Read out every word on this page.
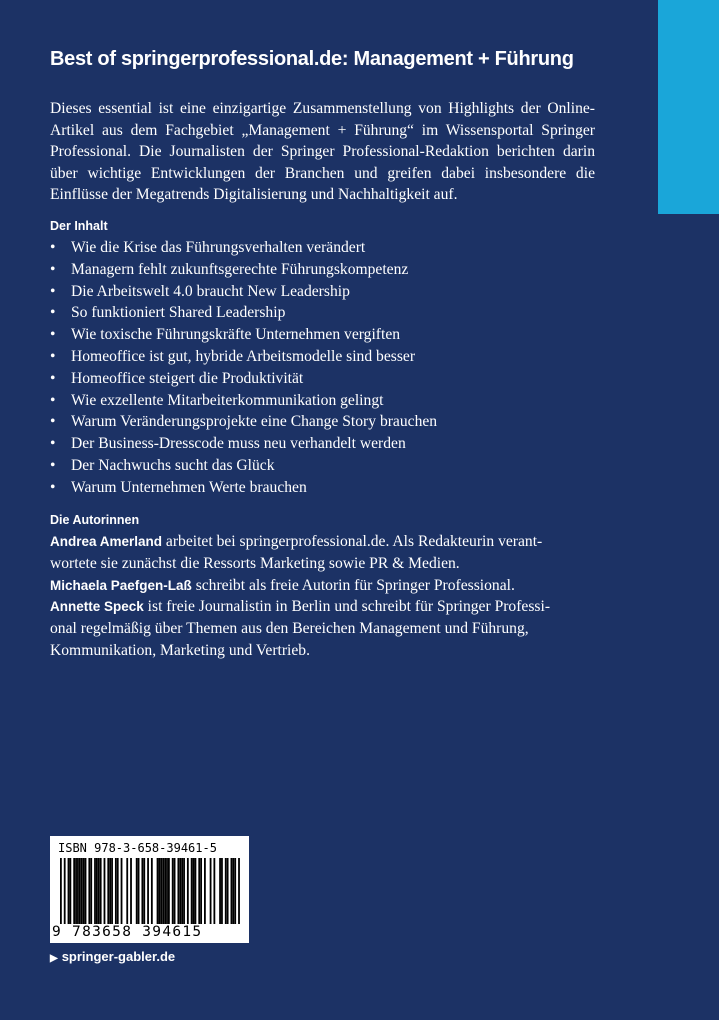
Best of springerprofessional.de: Management + Führung
Dieses essential ist eine einzigartige Zusammenstellung von Highlights der Online-Artikel aus dem Fachgebiet „Management + Führung“ im Wissensportal Springer Professional. Die Journalisten der Springer Professional-Redaktion berichten darin über wichtige Entwicklungen der Branchen und greifen dabei insbesondere die Einflüsse der Megatrends Digitalisierung und Nachhaltigkeit auf.
Der Inhalt
• Wie die Krise das Führungsverhalten verändert
• Managern fehlt zukunftsgerechte Führungskompetenz
• Die Arbeitswelt 4.0 braucht New Leadership
• So funktioniert Shared Leadership
• Wie toxische Führungskräfte Unternehmen vergiften
• Homeoffice ist gut, hybride Arbeitsmodelle sind besser
• Homeoffice steigert die Produktivität
• Wie exzellente Mitarbeiterkommunikation gelingt
• Warum Veränderungsprojekte eine Change Story brauchen
• Der Business-Dresscode muss neu verhandelt werden
• Der Nachwuchs sucht das Glück
• Warum Unternehmen Werte brauchen
Die Autorinnen
Andrea Amerland arbeitet bei springerprofessional.de. Als Redakteurin verant-
wortete sie zunächst die Ressorts Marketing sowie PR & Medien.
Michaela Paefgen-Laß schreibt als freie Autorin für Springer Professional.
Annette Speck ist freie Journalistin in Berlin und schreibt für Springer Professi-
onal regelmäßig über Themen aus den Bereichen Management und Führung,
Kommunikation, Marketing und Vertrieb.
ISBN 978-3-658-39461-5
9 783658 394615
▶ springer-gabler.de
